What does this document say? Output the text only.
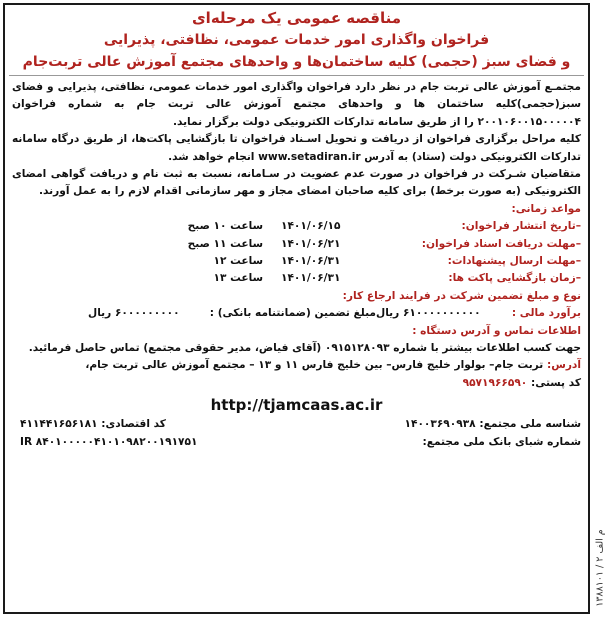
مناقصه عمومی یک مرحله‌ای
فراخوان واگذاری امور خدمات عمومی، نظافتی، پذیرایی
و فضای سبز (حجمی) کلیه ساختمان‌ها و واحدهای مجتمع آموزش عالی تربت‌جام

مجتمـع آموزش عالی تربت جام در نظر دارد فراخوان واگذاری امور خدمات عمومی، نظافتی، پذیرایی و فضای سبز(حجمی)کلیه ساختمان ها و واحدهای مجتمع آموزش عالی تربت جام به شماره فراخوان ۲۰۰۱۰۶۰۰۱۵۰۰۰۰۰۴ را از طریق سامانه تدارکات الکترونیکی دولت برگزار نماید.

کلیه مراحل برگزاری فراخوان از دریافت و تحویل اسـناد فراخوان تا بازگشایی پاکت‌ها، از طریق درگاه سامانه تدارکات الکترونیکی دولت (ستاد) به آدرس www.setadiran.ir انجام خواهد شد.

متقاضیان شـرکت در فراخوان در صورت عدم عضویت در سـامانه، نسبت به ثبت نام و دریافت گواهی امضای الکترونیکی (به صورت برخط) برای کلیه صاحبان امضای مجاز و مهر سازمانی اقدام لازم را به عمل آورند.

مواعد زمانی:
–تاریخ انتشار فراخوان:
۱۴۰۱/۰۶/۱۵
ساعت ۱۰ صبح
–مهلت دریافت اسناد فراخوان:
۱۴۰۱/۰۶/۲۱
ساعت ۱۱ صبح
–مهلت ارسال پیشنهادات:
۱۴۰۱/۰۶/۳۱
ساعت ۱۲
–زمان بازگشایی پاکت ها:
۱۴۰۱/۰۶/۳۱
ساعت ۱۳
نوع و مبلغ تضمین شرکت در فرایند ارجاع کار:
برآورد مالی :
۶۱۰۰۰۰۰۰۰۰۰۰ ریال
مبلغ تضمین (ضمانتنامه بانکی) :
۶۰۰۰۰۰۰۰۰۰ ریال
اطلاعات تماس و آدرس دستگاه :

جهت کسب اطلاعات بیشتر با شماره ۰۹۱۵۱۲۸۰۹۳ (آقای فیاض، مدیر حقوقی مجتمع) تماس حاصل فرمائید.

آدرس: تربت جام– بولوار خلیج فارس– بین خلیج فارس ۱۱ و ۱۳ – مجتمع آموزش عالی تربت جام،

کد پستی: ۹۵۷۱۹۶۶۵۹۰

http://tjamcaas.ac.ir
شناسه ملی مجتمع: ۱۴۰۰۳۶۹۰۹۳۸
کد اقتصادی: ۴۱۱۴۴۱۶۵۶۱۸۱
شماره شبای بانک ملی مجتمع:
IR ۸۴۰۱۰۰۰۰۰۴۱۰۱۰۹۸۲۰۰۱۹۱۷۵۱
۱۳۸۸۱۰۱ / ۲ م الف
